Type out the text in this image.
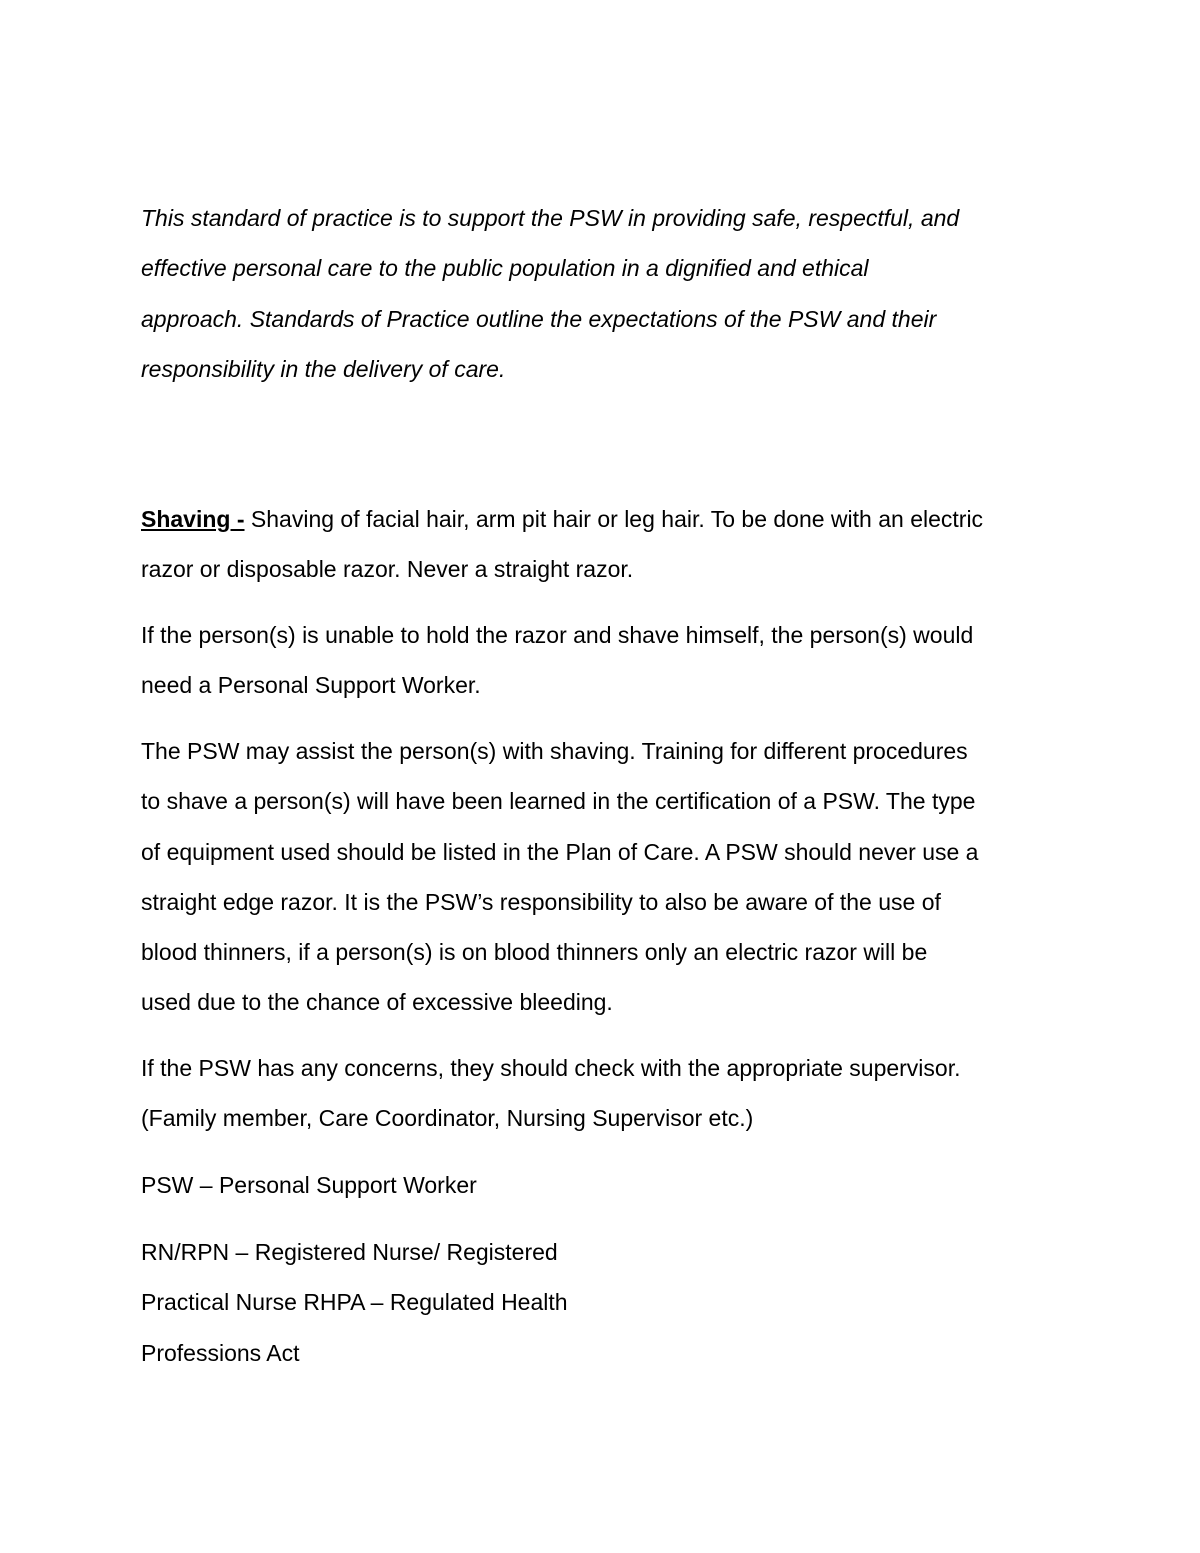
This standard of practice is to support the PSW in providing safe, respectful, and
effective personal care to the public population in a dignified and ethical
approach. Standards of Practice outline the expectations of the PSW and their
responsibility in the delivery of care.

Shaving - Shaving of facial hair, arm pit hair or leg hair. To be done with an electric
razor or disposable razor. Never a straight razor.

If the person(s) is unable to hold the razor and shave himself, the person(s) would
need a Personal Support Worker.

The PSW may assist the person(s) with shaving. Training for different procedures
to shave a person(s) will have been learned in the certification of a PSW. The type
of equipment used should be listed in the Plan of Care. A PSW should never use a
straight edge razor. It is the PSW’s responsibility to also be aware of the use of
blood thinners, if a person(s) is on blood thinners only an electric razor will be
used due to the chance of excessive bleeding.

If the PSW has any concerns, they should check with the appropriate supervisor.
(Family member, Care Coordinator, Nursing Supervisor etc.)

PSW – Personal Support Worker

RN/RPN – Registered Nurse/ Registered
Practical Nurse RHPA – Regulated Health
Professions Act
